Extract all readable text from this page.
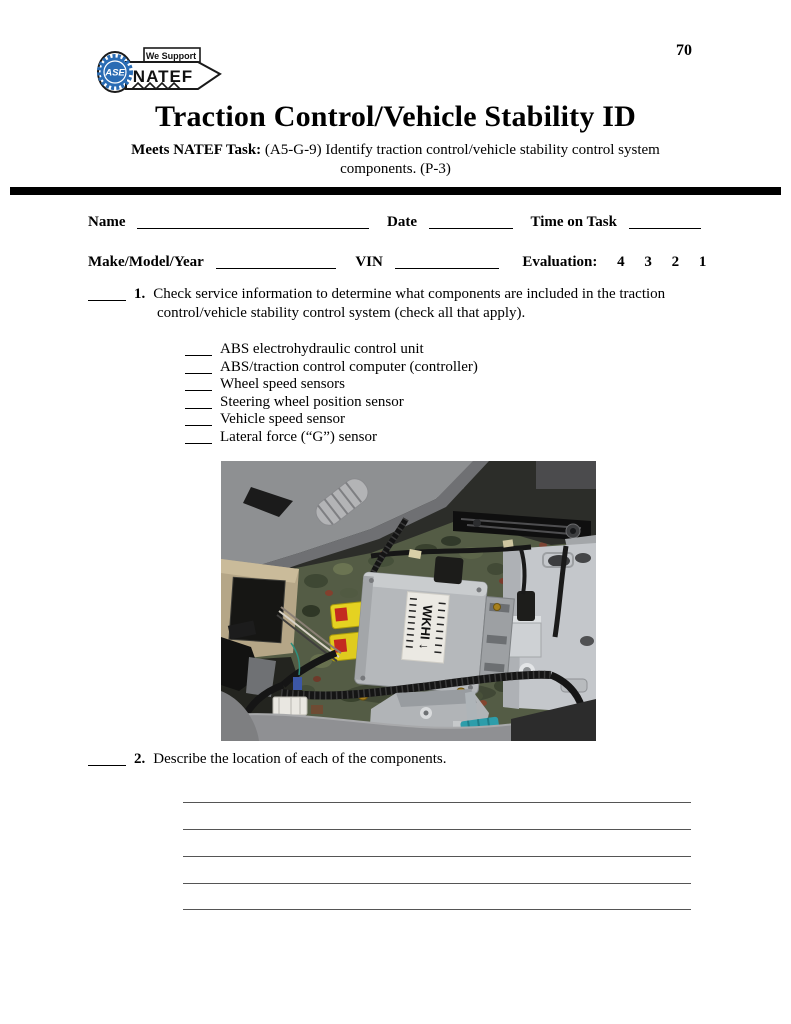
We Support
NATEF
ASE
70
Traction Control/Vehicle Stability ID
Meets NATEF Task: (A5-G-9) Identify traction control/vehicle stability control system
components. (P-3)
Name	Date	Time on Task
Make/Model/Year	VIN	Evaluation: 4 3 2 1
1. Check service information to determine what components are included in the traction
control/vehicle stability control system (check all that apply).
ABS electrohydraulic control unit
ABS/traction control computer (controller)
Wheel speed sensors
Steering wheel position sensor
Vehicle speed sensor
Lateral force (“G”) sensor
WKHI ↓
2. Describe the location of each of the components.
